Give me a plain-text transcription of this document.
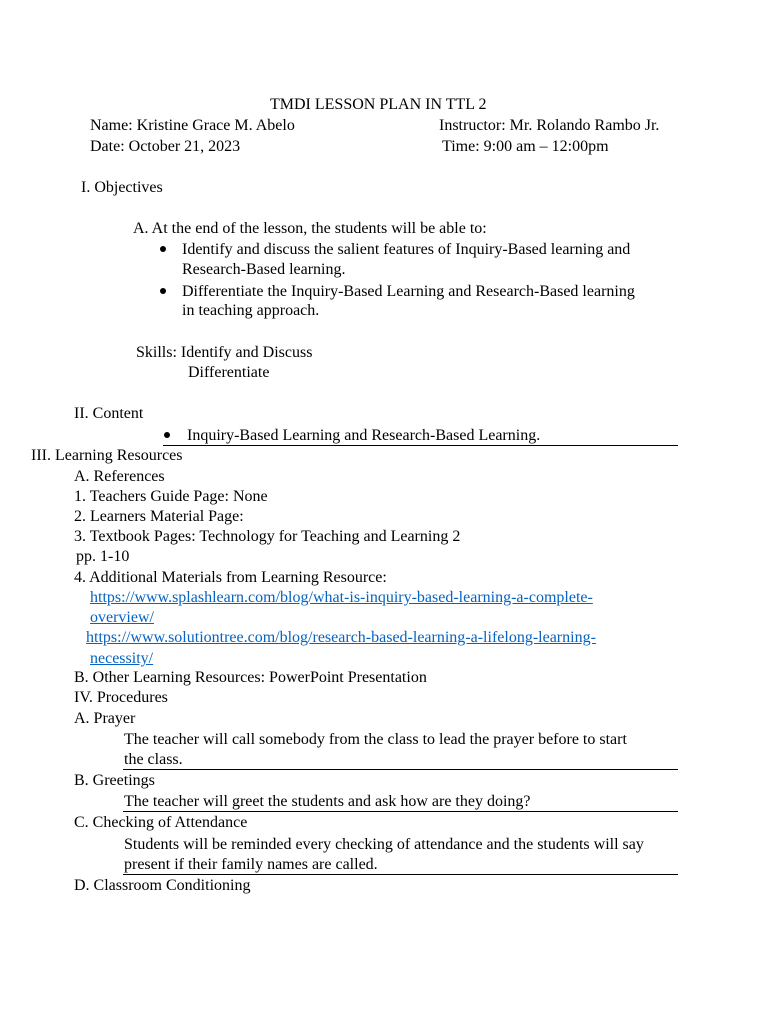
TMDI LESSON PLAN IN TTL 2
Name: Kristine Grace M. Abelo	Instructor: Mr. Rolando Rambo Jr.
Date: October 21, 2023	Time: 9:00 am – 12:00pm
I. Objectives
A. At the end of the lesson, the students will be able to:
Identify and discuss the salient features of Inquiry-Based learning and
Research-Based learning.
Differentiate the Inquiry-Based Learning and Research-Based learning
in teaching approach.
Skills: Identify and Discuss
Differentiate
II. Content
Inquiry-Based Learning and Research-Based Learning.
III. Learning Resources
A. References
1. Teachers Guide Page: None
2. Learners Material Page:
3. Textbook Pages: Technology for Teaching and Learning 2
pp. 1-10
4. Additional Materials from Learning Resource:
https://www.splashlearn.com/blog/what-is-inquiry-based-learning-a-complete-
overview/
https://www.solutiontree.com/blog/research-based-learning-a-lifelong-learning-
necessity/
B. Other Learning Resources: PowerPoint Presentation
IV. Procedures
A. Prayer
The teacher will call somebody from the class to lead the prayer before to start
the class.
B. Greetings
The teacher will greet the students and ask how are they doing?
C. Checking of Attendance
Students will be reminded every checking of attendance and the students will say
present if their family names are called.
D. Classroom Conditioning
